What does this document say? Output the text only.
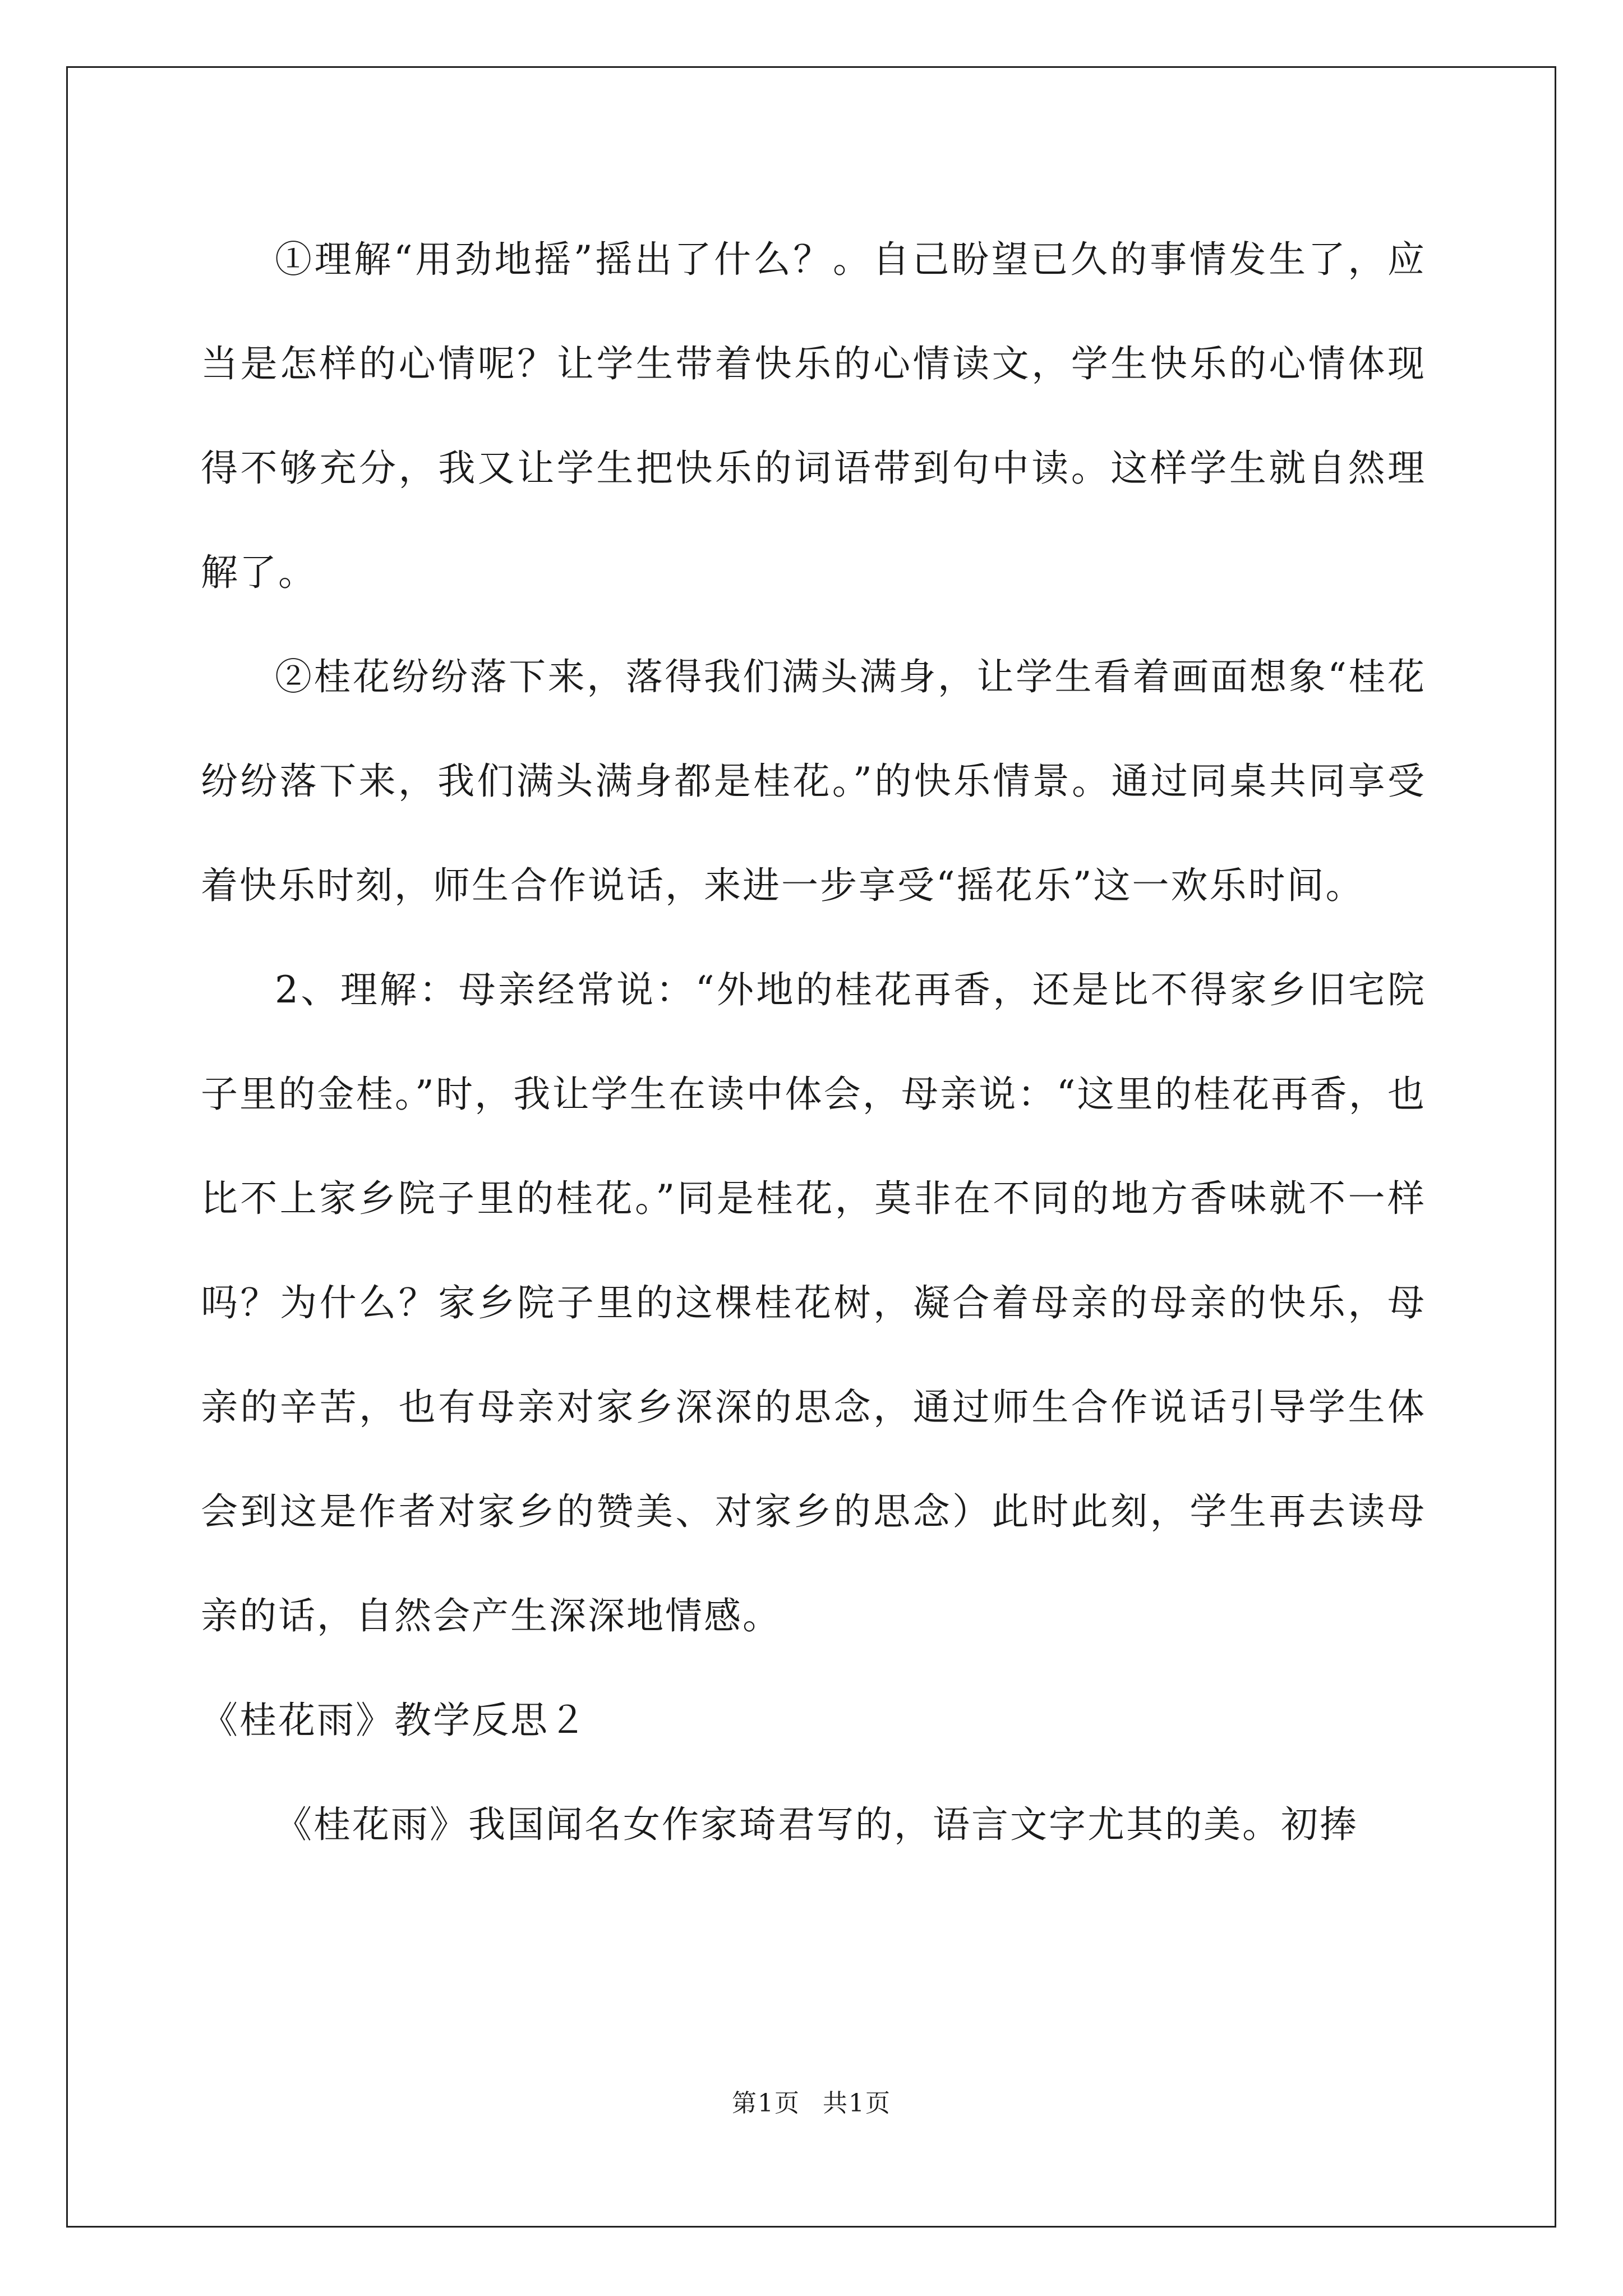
①理解“用劲地摇”摇出了什么？。自己盼望已久的事情发生了，应当是怎样的心情呢？让学生带着快乐的心情读文，学生快乐的心情体现得不够充分，我又让学生把快乐的词语带到句中读。这样学生就自然理解了。

②桂花纷纷落下来，落得我们满头满身，让学生看着画面想象“桂花纷纷落下来，我们满头满身都是桂花。”的快乐情景。通过同桌共同享受着快乐时刻，师生合作说话，来进一步享受“摇花乐”这一欢乐时间。

2、理解：母亲经常说：“外地的桂花再香，还是比不得家乡旧宅院子里的金桂。”时，我让学生在读中体会，母亲说：“这里的桂花再香，也比不上家乡院子里的桂花。”同是桂花，莫非在不同的地方香味就不一样吗？为什么？家乡院子里的这棵桂花树，凝合着母亲的母亲的快乐，母亲的辛苦，也有母亲对家乡深深的思念，通过师生合作说话引导学生体会到这是作者对家乡的赞美、对家乡的思念）此时此刻，学生再去读母亲的话，自然会产生深深地情感。

《桂花雨》教学反思２

《桂花雨》我国闻名女作家琦君写的，语言文字尤其的美。初捧

第1页 共1页
